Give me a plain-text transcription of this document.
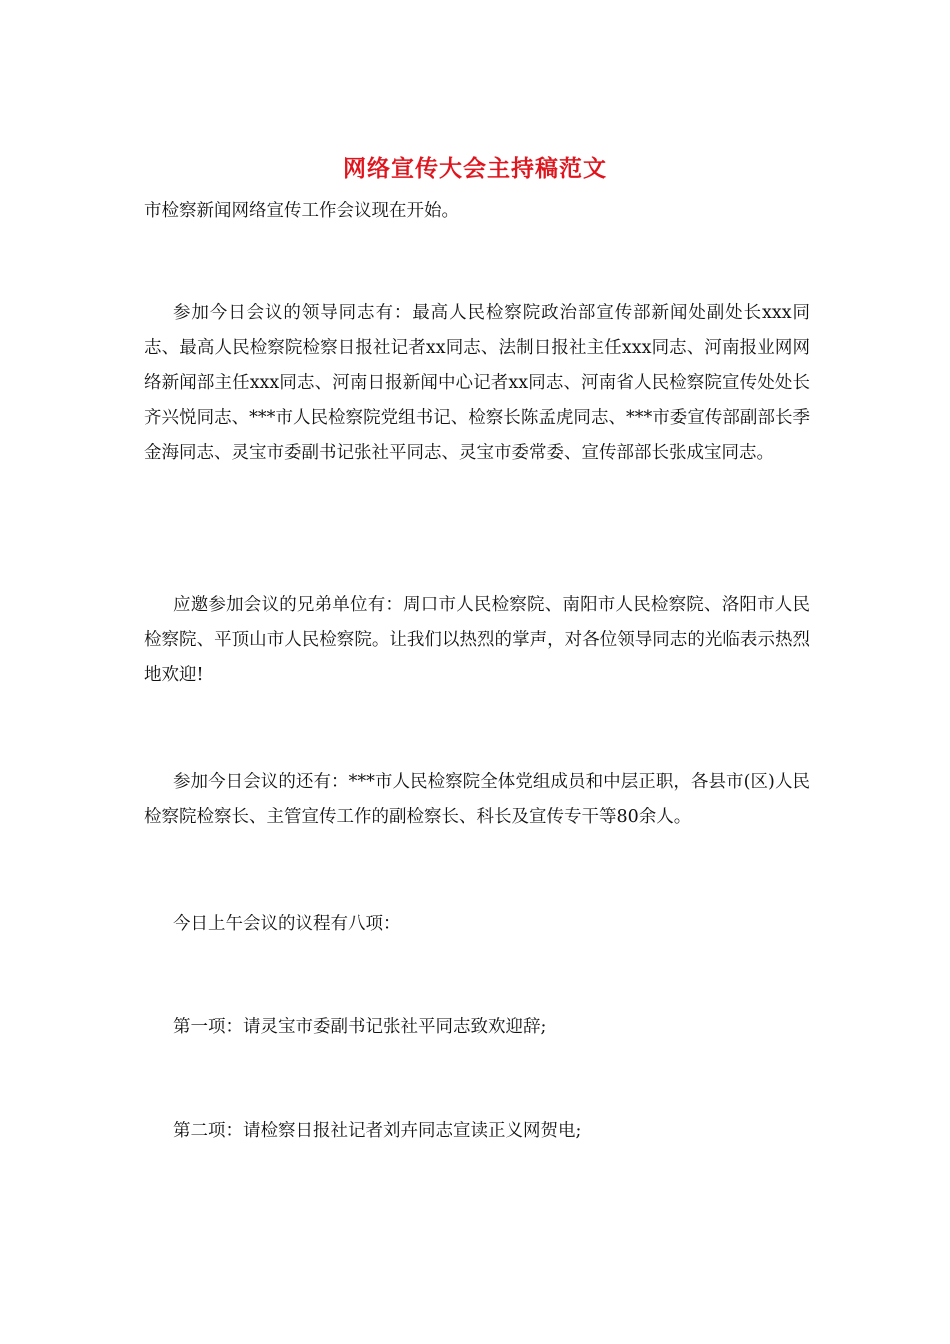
网络宣传大会主持稿范文
市检察新闻网络宣传工作会议现在开始。
参加今日会议的领导同志有：最高人民检察院政治部宣传部新闻处副处长xxx同志、最高人民检察院检察日报社记者xx同志、法制日报社主任xxx同志、河南报业网网络新闻部主任xxx同志、河南日报新闻中心记者xx同志、河南省人民检察院宣传处处长齐兴悦同志、***市人民检察院党组书记、检察长陈孟虎同志、***市委宣传部副部长季金海同志、灵宝市委副书记张社平同志、灵宝市委常委、宣传部部长张成宝同志。
应邀参加会议的兄弟单位有：周口市人民检察院、南阳市人民检察院、洛阳市人民检察院、平顶山市人民检察院。让我们以热烈的掌声，对各位领导同志的光临表示热烈地欢迎!
参加今日会议的还有：***市人民检察院全体党组成员和中层正职，各县市(区)人民检察院检察长、主管宣传工作的副检察长、科长及宣传专干等80余人。
今日上午会议的议程有八项：
第一项：请灵宝市委副书记张社平同志致欢迎辞;
第二项：请检察日报社记者刘卉同志宣读正义网贺电;
